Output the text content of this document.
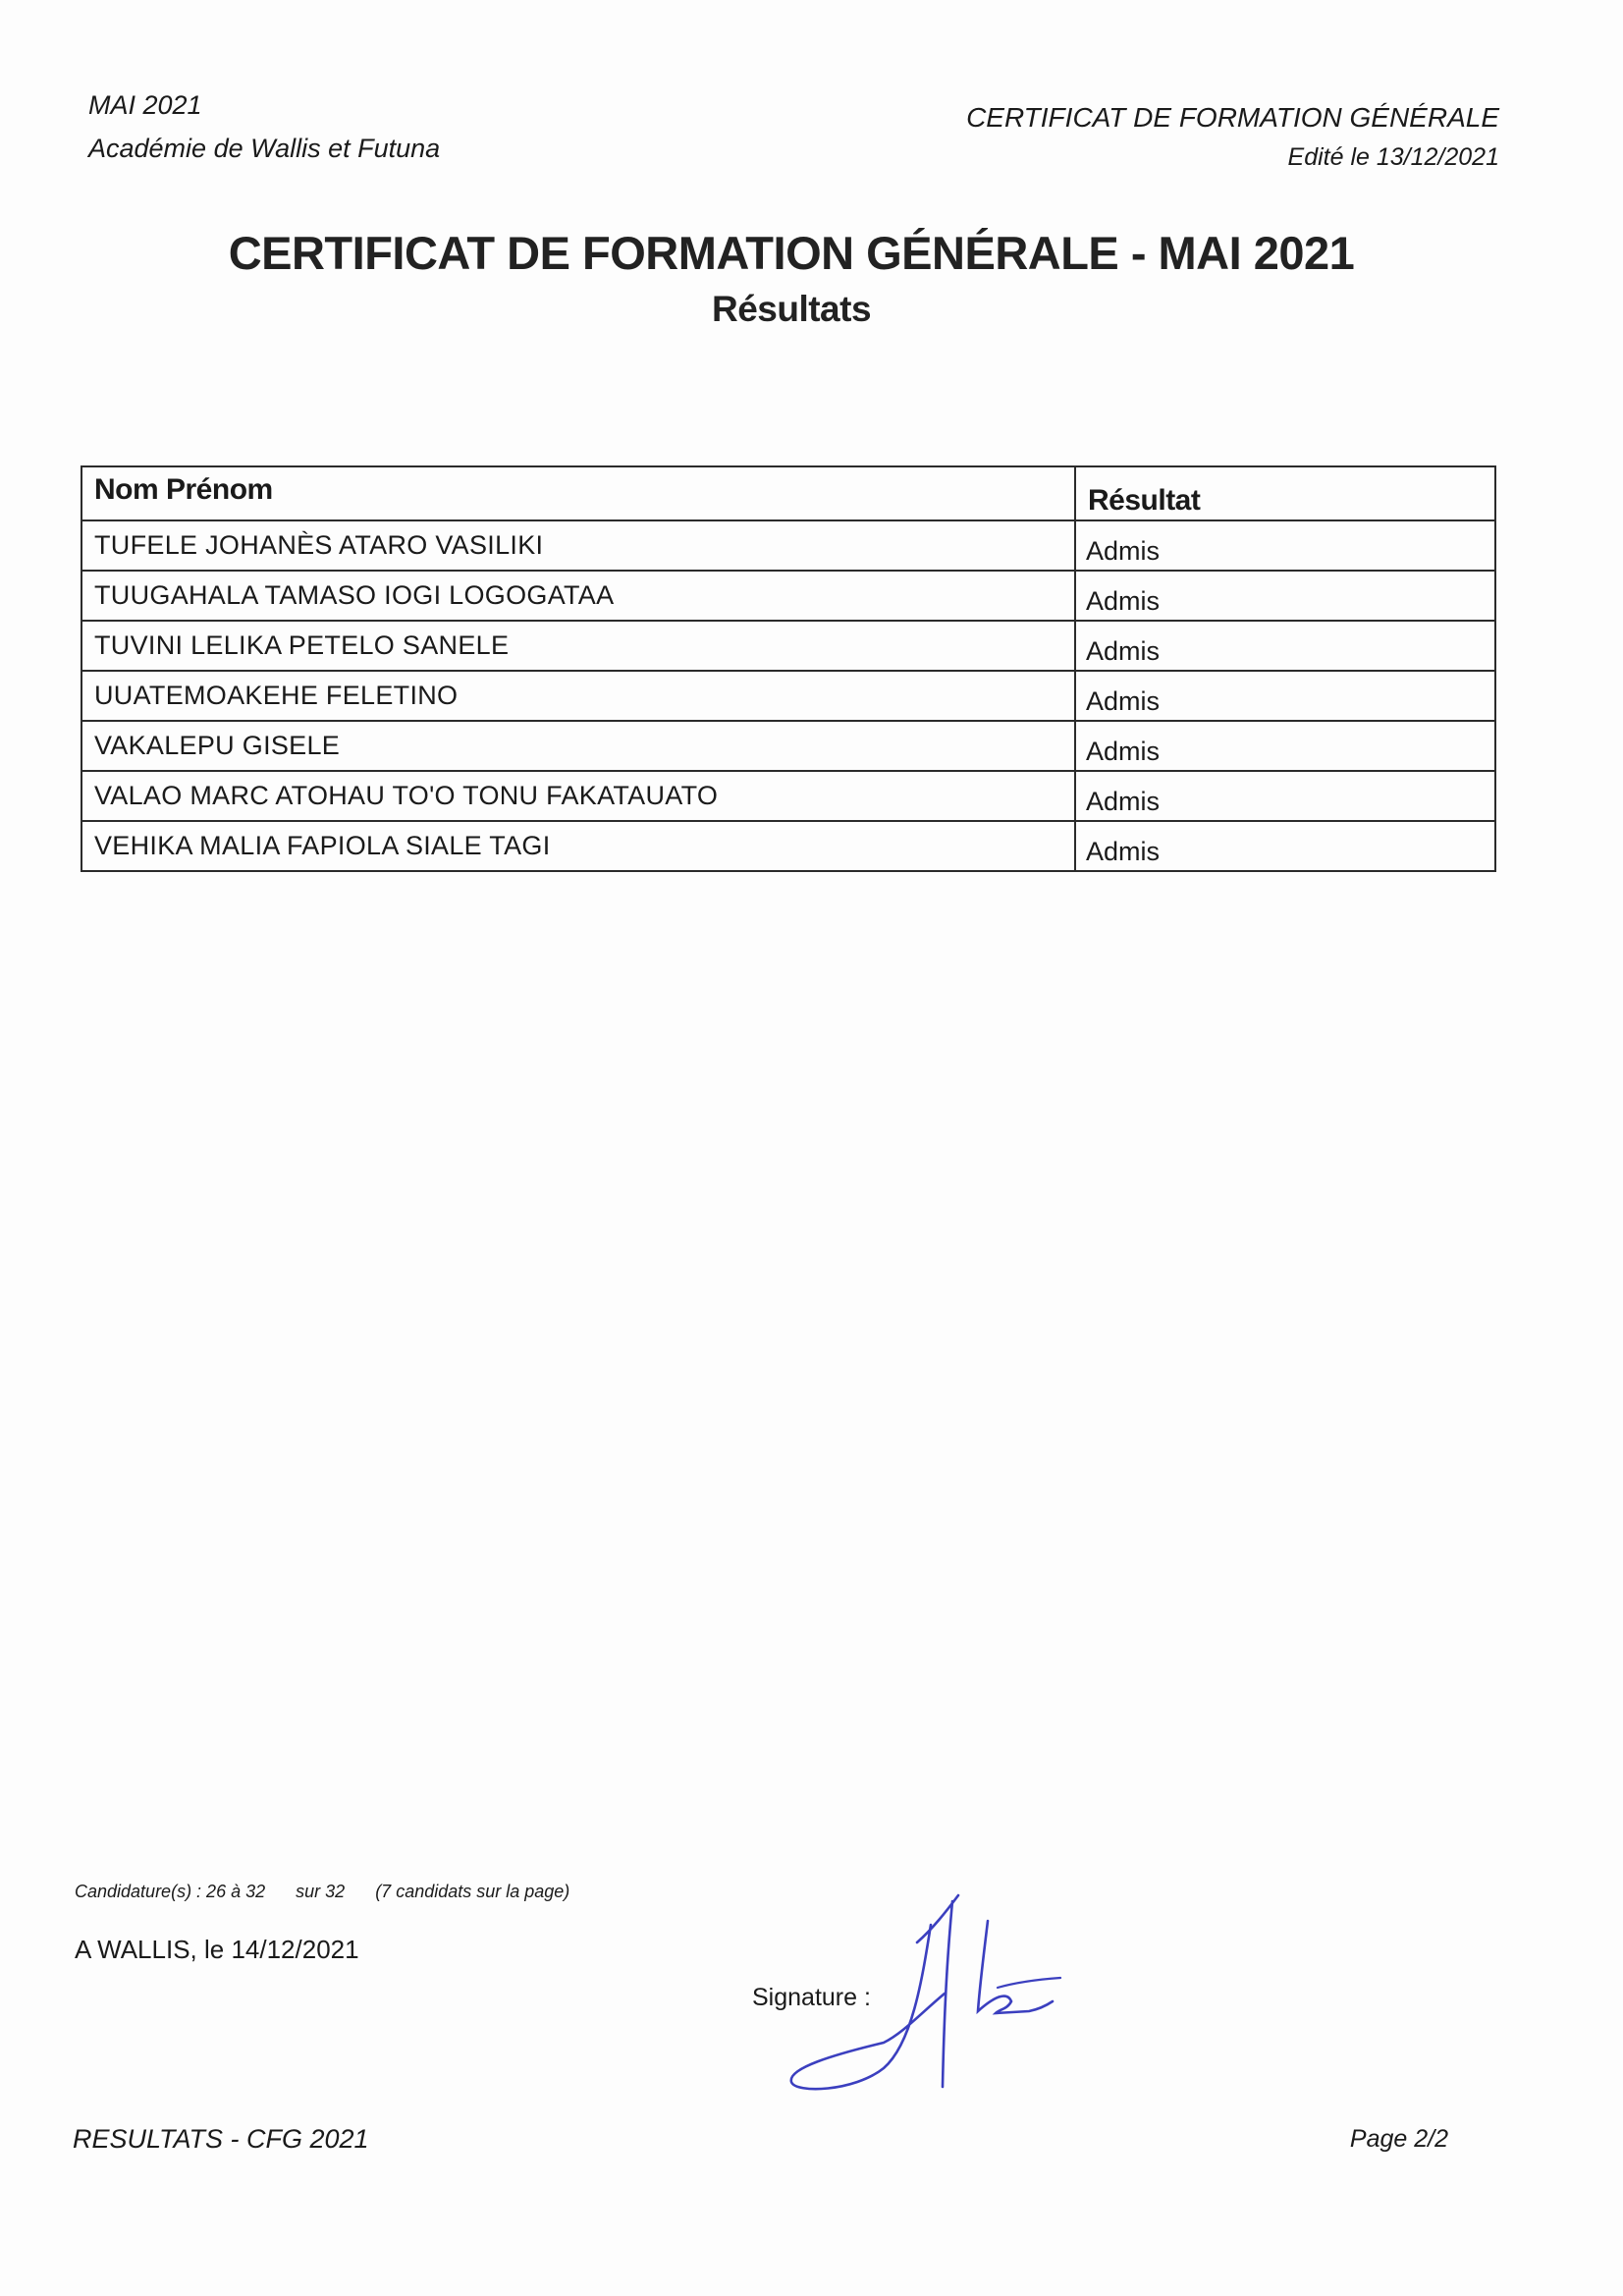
MAI 2021
Académie de Wallis et Futuna
CERTIFICAT DE FORMATION GÉNÉRALE
Edité le 13/12/2021
CERTIFICAT DE FORMATION GÉNÉRALE - MAI 2021
Résultats
Nom Prénom	Résultat
TUFELE JOHANÈS ATARO VASILIKI	Admis
TUUGAHALA TAMASO IOGI LOGOGATAA	Admis
TUVINI LELIKA PETELO SANELE	Admis
UUATEMOAKEHE FELETINO	Admis
VAKALEPU GISELE	Admis
VALAO MARC ATOHAU TO'O TONU FAKATAUATO	Admis
VEHIKA MALIA FAPIOLA SIALE TAGI	Admis
Candidature(s) : 26 à 32 sur 32 (7 candidats sur la page)
A WALLIS, le 14/12/2021
Signature :
RESULTATS - CFG 2021	Page 2/2
